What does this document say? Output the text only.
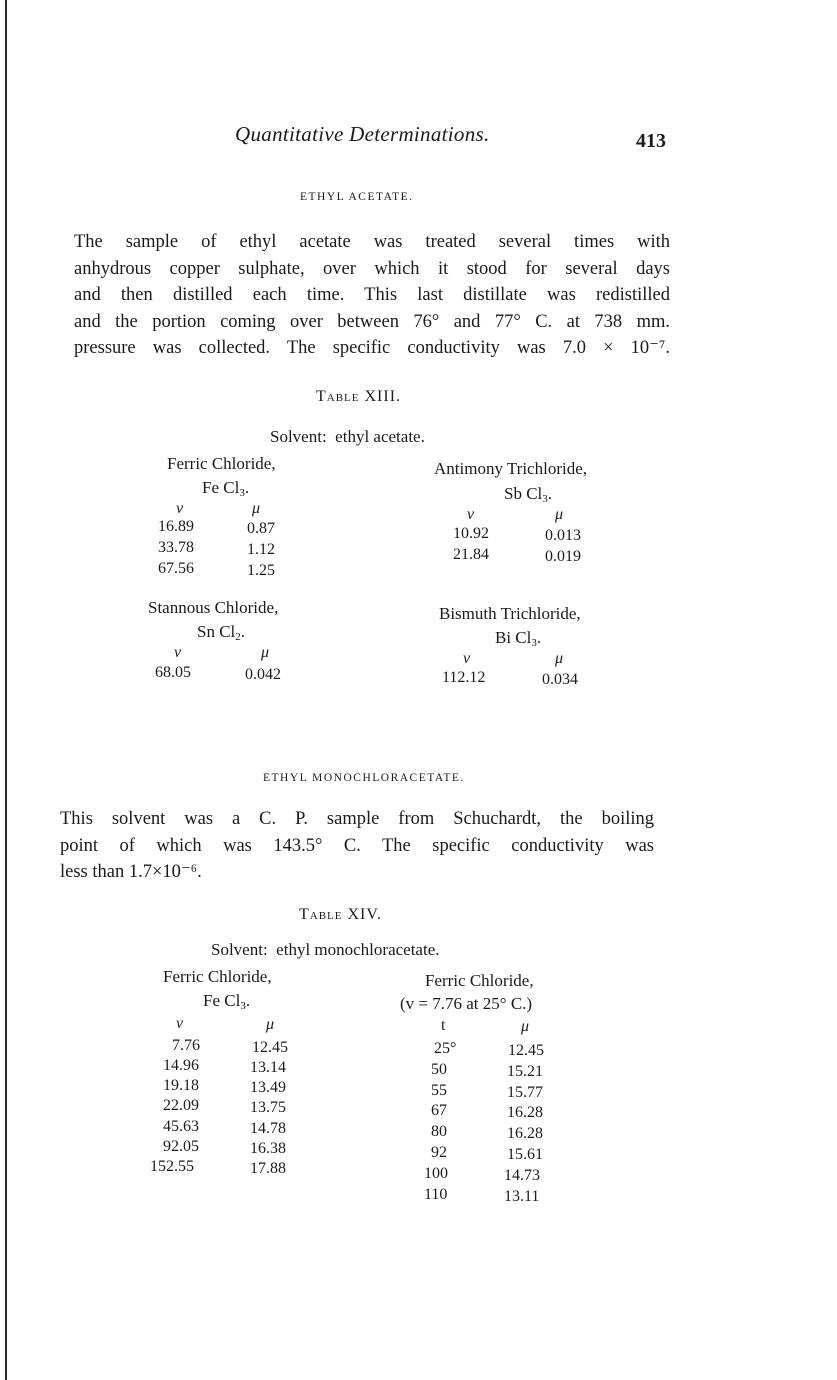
Quantitative Determinations.	413
ETHYL ACETATE.
The sample of ethyl acetate was treated several times with
anhydrous copper sulphate, over which it stood for several days
and then distilled each time. This last distillate was redistilled
and the portion coming over between 76° and 77° C. at 738 mm.
pressure was collected. The specific conductivity was 7.0 × 10⁻⁷.
Table XIII.
Solvent: ethyl acetate.
Ferric Chloride,
Fe $Cl_3$.
v	μ
16.89	0.87
33.78	1.12
67.56	1.25
Antimony Trichloride,
Sb $Cl_3$.
v	μ
10.92	0.013
21.84	0.019
Stannous Chloride,
Sn $Cl_2$.
v	μ
68.05	0.042
Bismuth Trichloride,
Bi $Cl_3$.
v	μ
112.12	0.034
ETHYL MONOCHLORACETATE.
This solvent was a C. P. sample from Schuchardt, the boiling
point of which was 143.5° C. The specific conductivity was
less than 1.7×10⁻⁶.
Table XIV.
Solvent: ethyl monochloracetate.
Ferric Chloride,
Fe $Cl_3$.
v	μ
7.76	12.45
14.96	13.14
19.18	13.49
22.09	13.75
45.63	14.78
92.05	16.38
152.55	17.88
Ferric Chloride,
(v = 7.76 at 25° C.)
t	μ
25°	12.45
50	15.21
55	15.77
67	16.28
80	16.28
92	15.61
100	14.73
110	13.11
